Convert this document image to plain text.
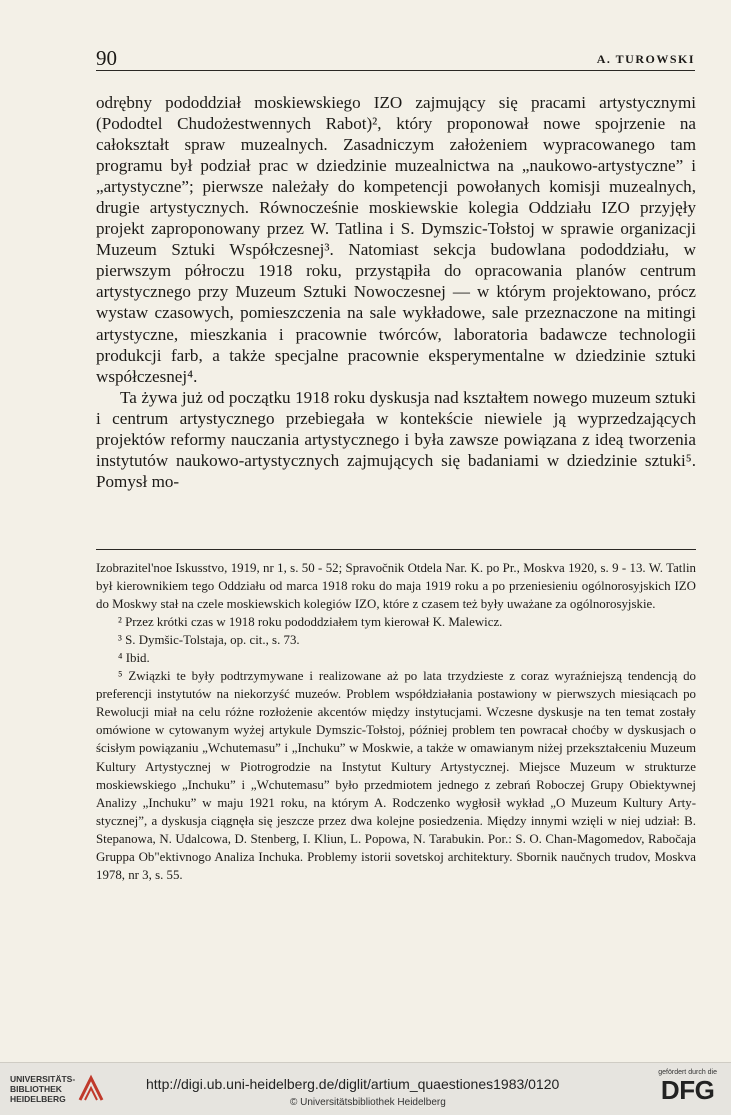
90	A. TUROWSKI

odrębny pododdział moskiewskiego IZO zajmujący się pracami artystycznymi (Pododtel Chudożestwennych Rabot)², który proponował nowe spojrzenie na całokształt spraw muzealnych. Zasadniczym założeniem wypracowanego tam programu był podział prac w dziedzinie muzealnictwa na „naukowo-artystyczne” i „artystyczne”; pierwsze należały do kompetencji powołanych komisji muzealnych, drugie artystycznych. Równocześnie moskiewskie kolegia Oddziału IZO przyjęły projekt zaproponowany przez W. Tatlina i S. Dymszic-Tołstoj w sprawie organizacji Muzeum Sztuki Współczesnej³. Natomiast sekcja budowlana pododdziału, w pierwszym półroczu 1918 roku, przystąpiła do opracowania planów centrum artystycznego przy Muzeum Sztuki Nowoczesnej — w którym projektowano, prócz wystaw czasowych, pomieszczenia na sale wykładowe, sale przeznaczone na mitingi artystyczne, mieszkania i pracownie twórców, laboratoria badawcze technologii produkcji farb, a także specjalne pracownie eksperymentalne w dziedzinie sztuki współczesnej⁴.

Ta żywa już od początku 1918 roku dyskusja nad kształtem nowego muzeum sztuki i centrum artystycznego przebiegała w kontekście niewiele ją wyprzedzających projektów reformy nauczania artystycznego i była zawsze powiązana z ideą tworzenia instytutów naukowo-artystycznych zajmujących się badaniami w dziedzinie sztuki⁵. Pomysł mo-

Izobrazitel'noe Iskusstvo, 1919, nr 1, s. 50 - 52; Spravočnik Otdela Nar. K. po Pr., Moskva 1920, s. 9 - 13. W. Tatlin był kierownikiem tego Oddziału od marca 1918 roku do maja 1919 roku a po przeniesieniu ogólnorosyjskich IZO do Moskwy stał na czele moskiewskich kolegiów IZO, które z czasem też były uważane za ogólnorosyjskie.

² Przez krótki czas w 1918 roku pododdziałem tym kierował K. Malewicz.

³ S. Dymšic-Tolstaja, op. cit., s. 73.

⁴ Ibid.

⁵ Związki te były podtrzymywane i realizowane aż po lata trzydzieste z coraz wyraźniejszą tendencją do preferencji instytutów na niekorzyść muzeów. Problem współdziałania postawiony w pierwszych miesiącach po Rewolucji miał na celu różne rozłożenie akcentów między instytucjami. Wczesne dyskusje na ten temat zostały omówione w cytowanym wyżej artykule Dymszic-Tołstoj, później problem ten powracał choćby w dyskusjach o ścisłym powiązaniu „Wchutemasu” i „Inchuku” w Moskwie, a także w omawianym niżej przekształceniu Muzeum Kultury Artystycznej w Piotrogrodzie na Instytut Kultury Artystycznej. Miejsce Muzeum w strukturze moskiewskiego „Inchuku” i „Wchutemasu” było przedmiotem jednego z zebrań Roboczej Grupy Obiektywnej Analizy „Inchuku” w maju 1921 roku, na którym A. Rodczenko wygłosił wykład „O Muzeum Kultury Artystycznej”, a dyskusja ciągnęła się jeszcze przez dwa kolejne posiedzenia. Między innymi wzięli w niej udział: B. Stepanowa, N. Udalcowa, D. Stenberg, I. Kliun, L. Popowa, N. Tarabukin. Por.: S. O. Chan-Magomedov, Rabočaja Gruppa Ob"ektivnogo Analiza Inchuka. Problemy istorii sovetskoj architektury. Sbornik naučnych trudov, Moskva 1978, nr 3, s. 55.

UNIVERSITÄTS-BIBLIOTHEK HEIDELBERG
http://digi.ub.uni-heidelberg.de/diglit/artium_quaestiones1983/0120
© Universitätsbibliothek Heidelberg
gefördert durch die
DFG
